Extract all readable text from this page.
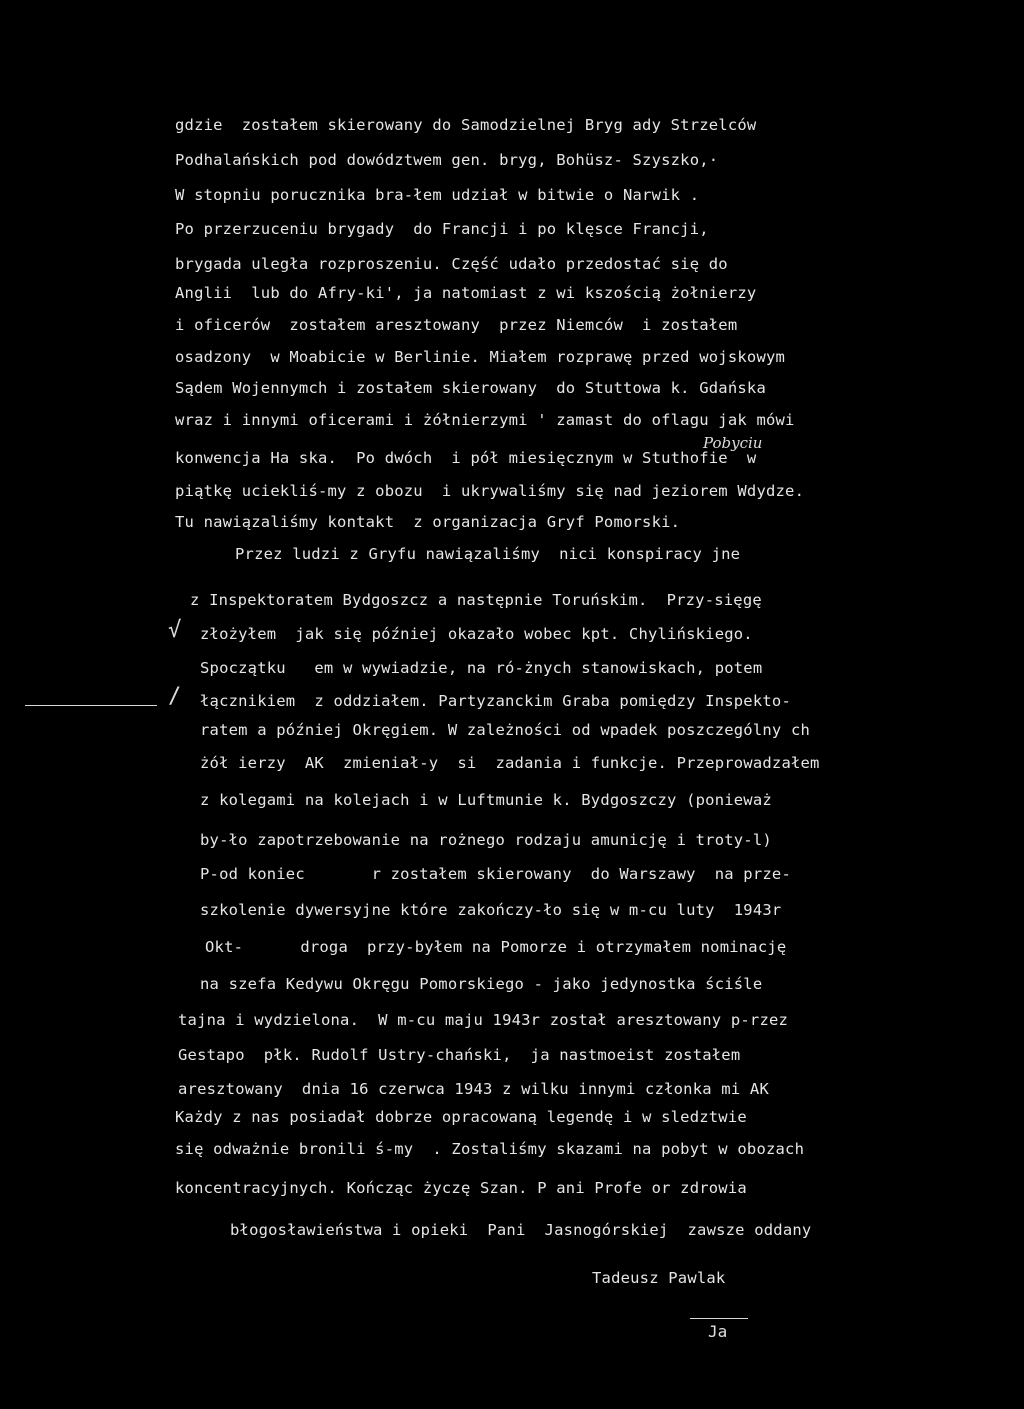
gdzie  zostałem skierowany do Samodzielnej Bryg ady Strzelców
Podhalańskich pod dowództwem gen. bryg, Bohüsz- Szyszko,·
W stopniu porucznika bra-łem udział w bitwie o Narwik .
Po przerzuceniu brygady  do Francji i po klęsce Francji,
brygada uległa rozproszeniu. Część udało przedostać się do
Anglii  lub do Afry-ki', ja natomiast z wi kszością żołnierzy
i oficerów  zostałem aresztowany  przez Niemców  i zostałem
osadzony  w Moabicie w Berlinie. Miałem rozprawę przed wojskowym
Sądem Wojennymch i zostałem skierowany  do Stuttowa k. Gdańska
wraz i innymi oficerami i żółnierzymi ' zamast do oflagu jak mówi
Pobyciu
konwencja Ha ska.  Po dwóch  i pół miesięcznym w Stuthofie  w
piątkę uciekliś-my z obozu  i ukrywaliśmy się nad jeziorem Wdydze.
Tu nawiązaliśmy kontakt  z organizacja Gryf Pomorski.
Przez ludzi z Gryfu nawiązaliśmy  nici konspiracy jne
z Inspektoratem Bydgoszcz a następnie Toruńskim.  Przy-sięgę
√ złożyłem  jak się później okazało wobec kpt. Chylińskiego.
Spoczątku   em w wywiadzie, na ró-żnych stanowiskach, potem
/ łącznikiem  z oddziałem. Partyzanckim Graba pomiędzy Inspekto-
ratem a później Okręgiem. W zależności od wpadek poszczególny ch
żół ierzy  AK  zmieniał-y  si  zadania i funkcje. Przeprowadzałem
z kolegami na kolejach i w Luftmunie k. Bydgoszczy (ponieważ
by-ło zapotrzebowanie na rożnego rodzaju amunicję i troty-l)
P-od koniec       r zostałem skierowany  do Warszawy  na prze-
szkolenie dywersyjne które zakończy-ło się w m-cu luty  1943r
Okt-      droga  przy-byłem na Pomorze i otrzymałem nominację
na szefa Kedywu Okręgu Pomorskiego - jako jedynostka ściśle
tajna i wydzielona.  W m-cu maju 1943r został aresztowany p-rzez
Gestapo  płk. Rudolf Ustry-chański,  ja nastmoeist zostałem
aresztowany  dnia 16 czerwca 1943 z wilku innymi członka mi AK
Każdy z nas posiadał dobrze opracowaną legendę i w sledztwie
się odważnie bronili ś-my  . Zostaliśmy skazami na pobyt w obozach
koncentracyjnych. Kończąc życzę Szan. P ani Profe or zdrowia
błogosławieństwa i opieki  Pani  Jasnogórskiej  zawsze oddany
Tadeusz Pawlak
Ja
